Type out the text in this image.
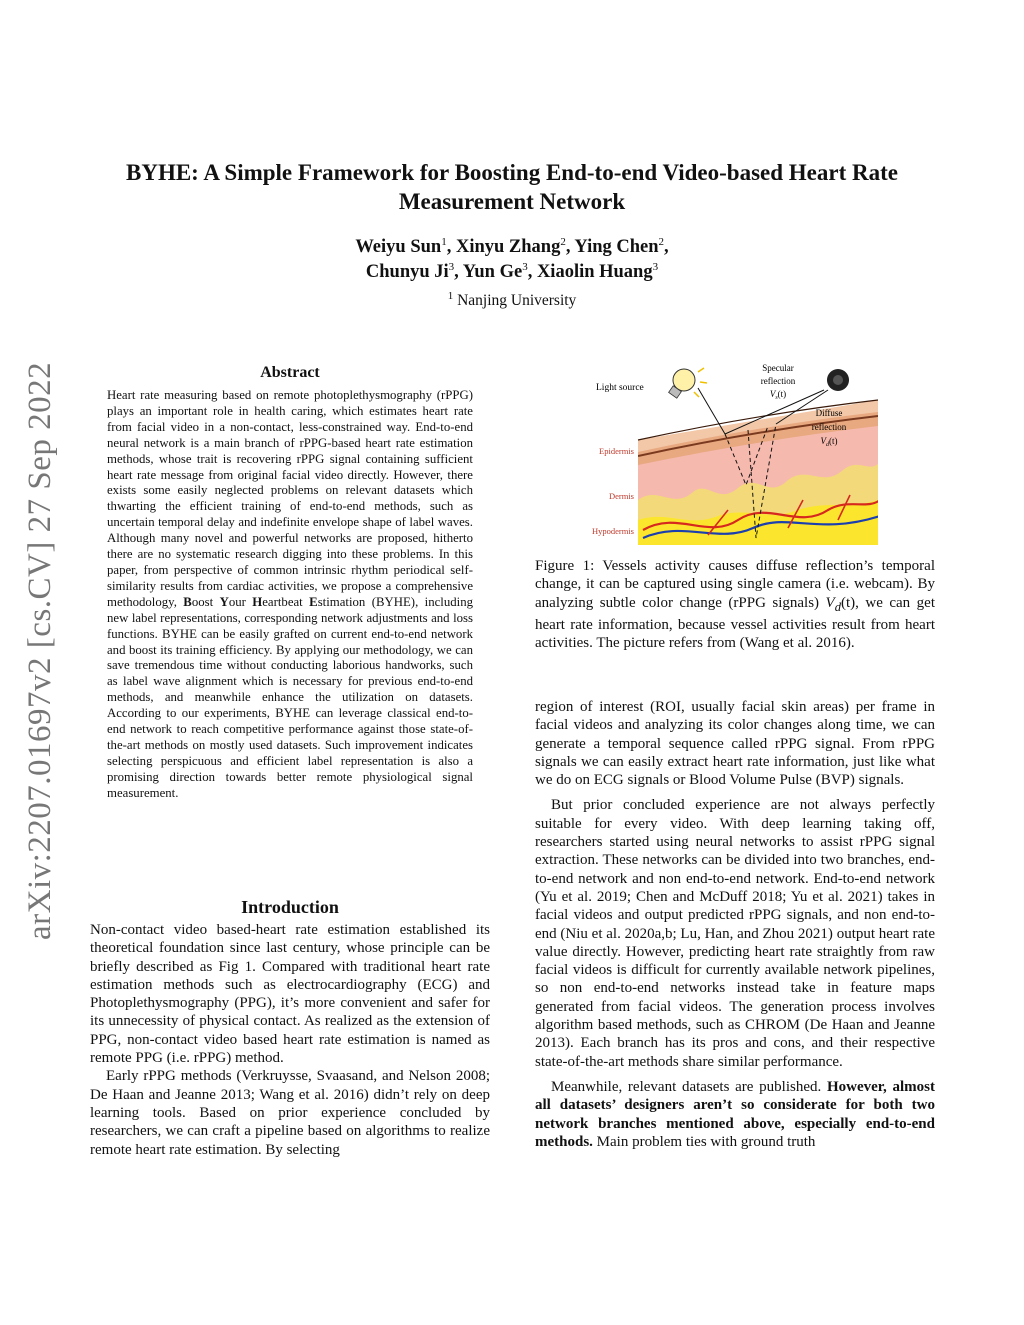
arXiv:2207.01697v2 [cs.CV] 27 Sep 2022
BYHE: A Simple Framework for Boosting End-to-end Video-based Heart Rate
Measurement Network
Weiyu Sun$^1$, Xinyu Zhang$^2$, Ying Chen$^2$,
Chunyu Ji$^3$, Yun Ge$^3$, Xiaolin Huang$^3$
$^1$ Nanjing University
Abstract
Heart rate measuring based on remote photoplethysmography (rPPG) plays an important role in health caring, which estimates heart rate from facial video in a non-contact, less-constrained way. End-to-end neural network is a main branch of rPPG-based heart rate estimation methods, whose trait is recovering rPPG signal containing sufficient heart rate message from original facial video directly. However, there exists some easily neglected problems on relevant datasets which thwarting the efficient training of end-to-end methods, such as uncertain temporal delay and indefinite envelope shape of label waves. Although many novel and powerful networks are proposed, hitherto there are no systematic research digging into these problems. In this paper, from perspective of common intrinsic rhythm periodical self-similarity results from cardiac activities, we propose a comprehensive methodology, Boost Your Heartbeat Estimation (BYHE), including new label representations, corresponding network adjustments and loss functions. BYHE can be easily grafted on current end-to-end network and boost its training efficiency. By applying our methodology, we can save tremendous time without conducting laborious handworks, such as label wave alignment which is necessary for previous end-to-end methods, and meanwhile enhance the utilization on datasets. According to our experiments, BYHE can leverage classical end-to-end network to reach competitive performance against those state-of-the-art methods on mostly used datasets. Such improvement indicates selecting perspicuous and efficient label representation is also a promising direction towards better remote physiological signal measurement.
Introduction

Non-contact video based-heart rate estimation established its theoretical foundation since last century, whose principle can be briefly described as Fig 1. Compared with traditional heart rate estimation methods such as electrocardiography (ECG) and Photoplethysmography (PPG), it’s more convenient and safer for its unnecessity of physical contact. As realized as the extension of PPG, non-contact video based heart rate estimation is named as remote PPG (i.e. rPPG) method.

Early rPPG methods (Verkruysse, Svaasand, and Nelson 2008; De Haan and Jeanne 2013; Wang et al. 2016) didn’t rely on deep learning tools. Based on prior experience concluded by researchers, we can craft a pipeline based on algorithms to realize remote heart rate estimation. By selecting

Light source
Specular
reflection
$V_s(t)$
Diffuse
reflection
$V_d(t)$
Epidermis
Dermis
Hypodermis
Figure 1: Vessels activity causes diffuse reflection’s temporal change, it can be captured using single camera (i.e. webcam). By analyzing subtle color change (rPPG signals) $V_d(t)$, we can get heart rate information, because vessel activities result from heart activities. The picture refers from (Wang et al. 2016).

region of interest (ROI, usually facial skin areas) per frame in facial videos and analyzing its color changes along time, we can generate a temporal sequence called rPPG signal. From rPPG signals we can easily extract heart rate information, just like what we do on ECG signals or Blood Volume Pulse (BVP) signals.

But prior concluded experience are not always perfectly suitable for every video. With deep learning taking off, researchers started using neural networks to assist rPPG signal extraction. These networks can be divided into two branches, end-to-end network and non end-to-end network. End-to-end network (Yu et al. 2019; Chen and McDuff 2018; Yu et al. 2021) takes in facial videos and output predicted rPPG signals, and non end-to-end (Niu et al. 2020a,b; Lu, Han, and Zhou 2021) output heart rate value directly. However, predicting heart rate straightly from raw facial videos is difficult for currently available network pipelines, so non end-to-end networks instead take in feature maps generated from facial videos. The generation process involves algorithm based methods, such as CHROM (De Haan and Jeanne 2013). Each branch has its pros and cons, and their respective state-of-the-art methods share similar performance.

Meanwhile, relevant datasets are published. However, almost all datasets’ designers aren’t so considerate for both two network branches mentioned above, especially end-to-end methods. Main problem ties with ground truth
